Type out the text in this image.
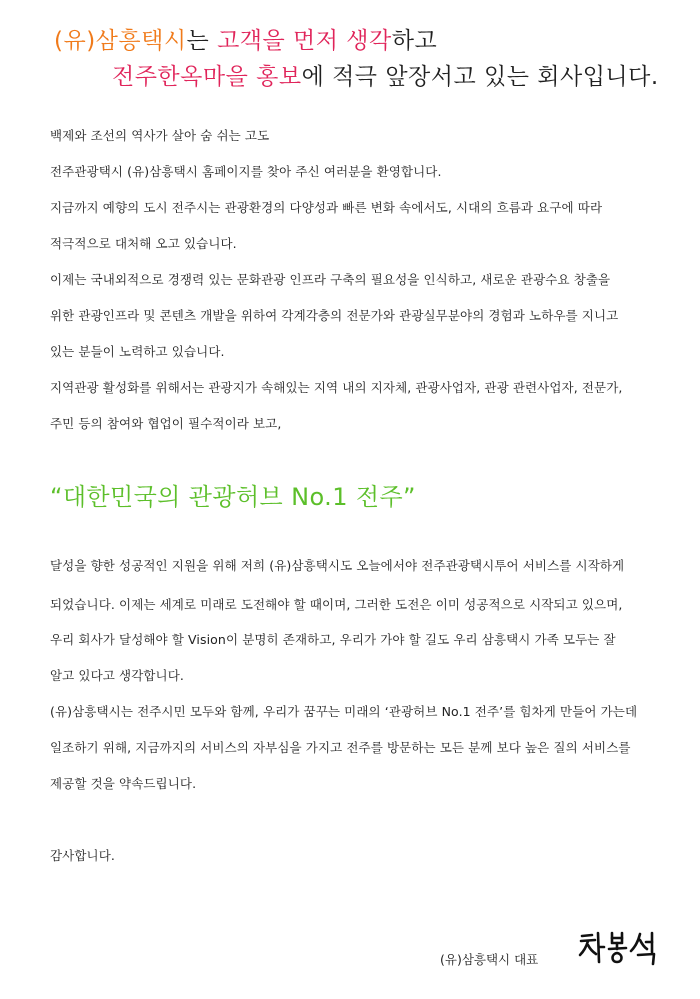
(유)삼흥택시는 고객을 먼저 생각하고
전주한옥마을 홍보에 적극 앞장서고 있는 회사입니다.
백제와 조선의 역사가 살아 숨 쉬는 고도
전주관광택시 (유)삼흥택시 홈페이지를 찾아 주신 여러분을 환영합니다.
지금까지 예향의 도시 전주시는 관광환경의 다양성과 빠른 변화 속에서도, 시대의 흐름과 요구에 따라
적극적으로 대처해 오고 있습니다.
이제는 국내외적으로 경쟁력 있는 문화관광 인프라 구축의 필요성을 인식하고, 새로운 관광수요 창출을
위한 관광인프라 및 콘텐츠 개발을 위하여 각계각층의 전문가와 관광실무분야의 경험과 노하우를 지니고
있는 분들이 노력하고 있습니다.
지역관광 활성화를 위해서는 관광지가 속해있는 지역 내의 지자체, 관광사업자, 관광 관련사업자, 전문가,
주민 등의 참여와 협업이 필수적이라 보고,
“대한민국의 관광허브 No.1 전주”
달성을 향한 성공적인 지원을 위해 저희 (유)삼흥택시도 오늘에서야 전주관광택시투어 서비스를 시작하게
되었습니다. 이제는 세계로 미래로 도전해야 할 때이며, 그러한 도전은 이미 성공적으로 시작되고 있으며,
우리 회사가 달성해야 할 Vision이 분명히 존재하고, 우리가 가야 할 길도 우리 삼흥택시 가족 모두는 잘
알고 있다고 생각합니다.
(유)삼흥택시는 전주시민 모두와 함께, 우리가 꿈꾸는 미래의 ‘관광허브 No.1 전주’를 힘차게 만들어 가는데
일조하기 위해, 지금까지의 서비스의 자부심을 가지고 전주를 방문하는 모든 분께 보다 높은 질의 서비스를
제공할 것을 약속드립니다.
감사합니다.
(유)삼흥택시 대표
